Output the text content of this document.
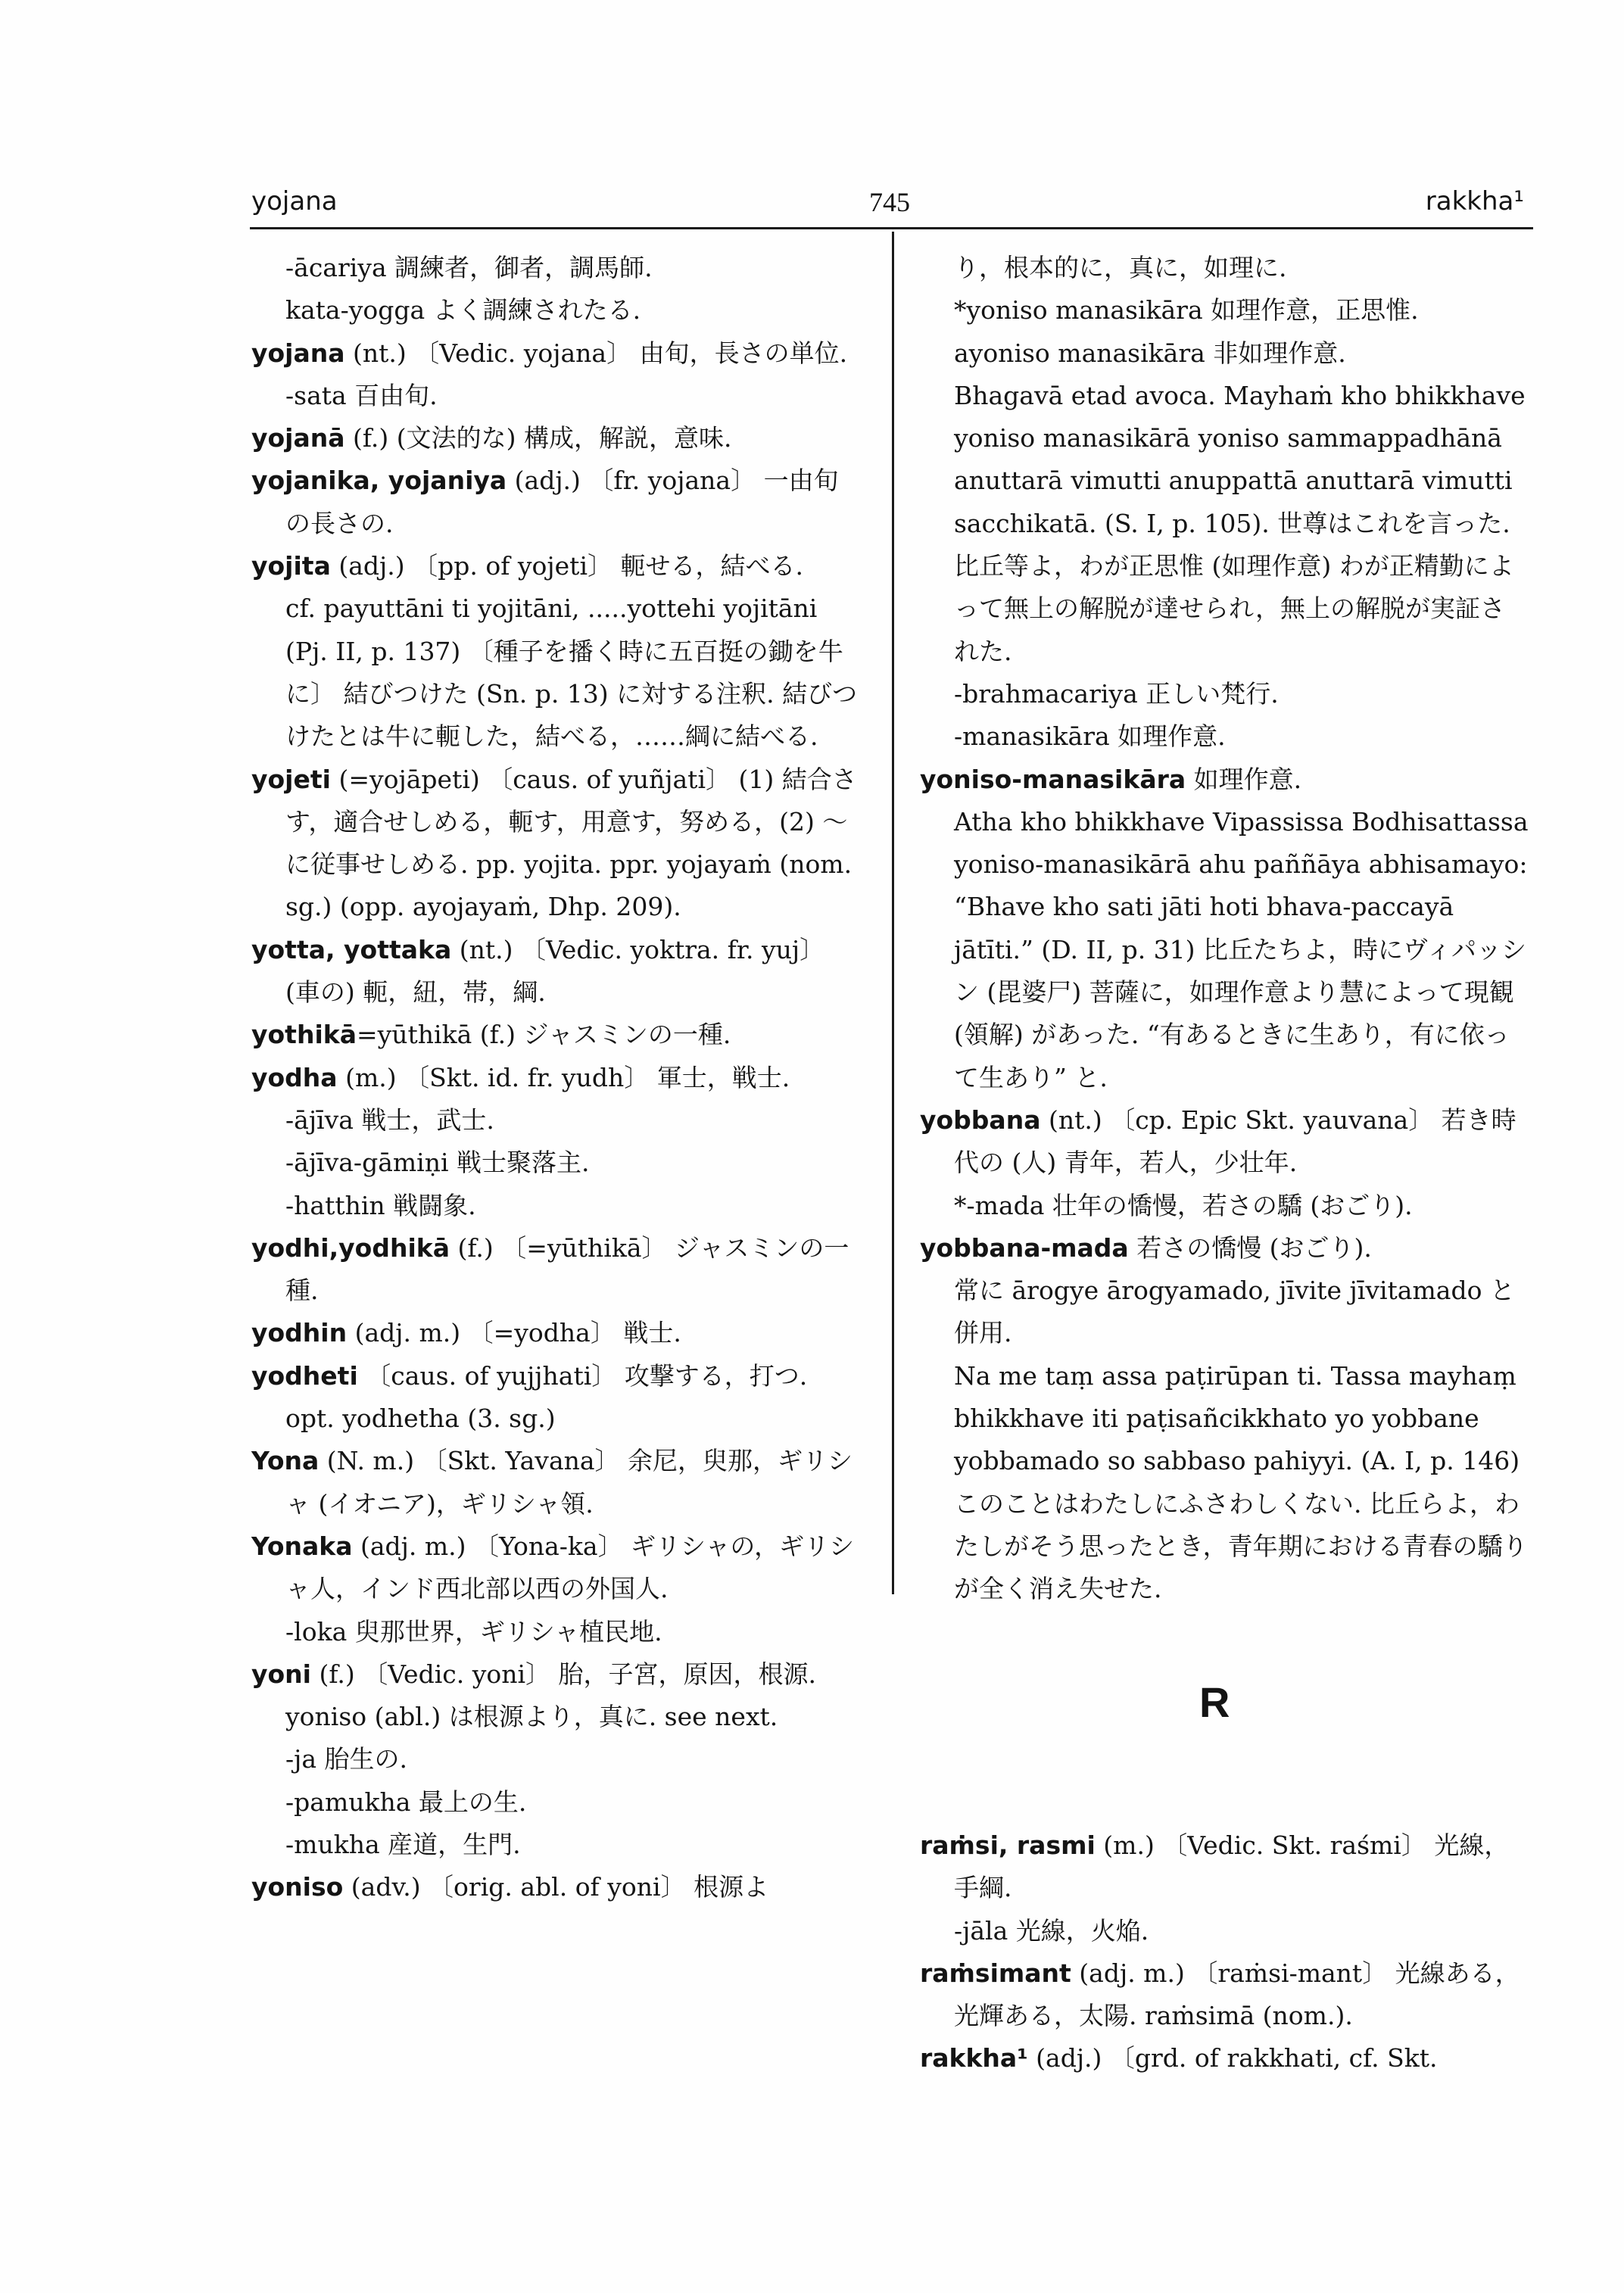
yojana	745	rakkha¹

-ācariya 調練者，御者，調馬師.

kata-yogga よく調練されたる.

yojana (nt.) 〔Vedic. yojana〕 由旬，長さの単位.

-sata 百由旬.

yojanā (f.) (文法的な) 構成，解説，意味.

yojanika, yojaniya (adj.) 〔fr. yojana〕 一由旬の長さの.

yojita (adj.) 〔pp. of yojeti〕 軛せる，結べる.

cf. payuttāni ti yojitāni, .....yottehi yojitāni (Pj. II, p. 137) 〔種子を播く時に五百挺の鋤を牛に〕 結びつけた (Sn. p. 13) に対する注釈. 結びつけたとは牛に軛した，結べる，……綱に結べる.

yojeti (=yojāpeti) 〔caus. of yuñjati〕 (1) 結合さす，適合せしめる，軛す，用意す，努める，(2) ～に従事せしめる. pp. yojita. ppr. yojayaṁ (nom. sg.) (opp. ayojayaṁ, Dhp. 209).

yotta, yottaka (nt.) 〔Vedic. yoktra. fr. yuj〕 (車の) 軛，紐，帯，綱.

yothikā=yūthikā (f.) ジャスミンの一種.

yodha (m.) 〔Skt. id. fr. yudh〕 軍士，戦士.

-ājīva 戦士，武士.

-ājīva-gāmiṇi 戦士聚落主.

-hatthin 戦闘象.

yodhi,yodhikā (f.) 〔=yūthikā〕 ジャスミンの一種.

yodhin (adj. m.) 〔=yodha〕 戦士.

yodheti 〔caus. of yujjhati〕 攻撃する，打つ. opt. yodhetha (3. sg.)

Yona (N. m.) 〔Skt. Yavana〕 余尼，臾那，ギリシャ (イオニア)，ギリシャ領.

Yonaka (adj. m.) 〔Yona-ka〕 ギリシャの，ギリシャ人，インド西北部以西の外国人.

-loka 臾那世界，ギリシャ植民地.

yoni (f.) 〔Vedic. yoni〕 胎，子宮，原因，根源. yoniso (abl.) は根源より，真に. see next.

-ja 胎生の.

-pamukha 最上の生.

-mukha 産道，生門.

yoniso (adv.) 〔orig. abl. of yoni〕 根源よ

り，根本的に，真に，如理に.

*yoniso manasikāra 如理作意，正思惟.

ayoniso manasikāra 非如理作意.

Bhagavā etad avoca. Mayhaṁ kho bhikkhave yoniso manasikārā yoniso sammappadhānā anuttarā vimutti anuppattā anuttarā vimutti sacchikatā. (S. I, p. 105). 世尊はこれを言った. 比丘等よ，わが正思惟 (如理作意) わが正精勤によって無上の解脱が達せられ，無上の解脱が実証された.

-brahmacariya 正しい梵行.

-manasikāra 如理作意.

yoniso-manasikāra 如理作意.

Atha kho bhikkhave Vipassissa Bodhisattassa yoniso-manasikārā ahu paññāya abhisamayo: “Bhave kho sati jāti hoti bhava-paccayā jātīti.” (D. II, p. 31) 比丘たちよ，時にヴィパッシン (毘婆尸) 菩薩に，如理作意より慧によって現観 (領解) があった. “有あるときに生あり，有に依って生あり” と.

yobbana (nt.) 〔cp. Epic Skt. yauvana〕 若き時代の (人) 青年，若人，少壮年.

*-mada 壮年の憍慢，若さの驕 (おごり).

yobbana-mada 若さの憍慢 (おごり).

常に ārogye ārogyamado, jīvite jīvitamado と併用.

Na me taṃ assa paṭirūpan ti. Tassa mayhaṃ bhikkhave iti paṭisañcikkhato yo yobbane yobbamado so sabbaso pahiyyi. (A. I, p. 146) このことはわたしにふさわしくない. 比丘らよ，わたしがそう思ったとき，青年期における青春の驕りが全く消え失せた.

R

raṁsi, rasmi (m.) 〔Vedic. Skt. raśmi〕 光線，手綱.

-jāla 光線，火焔.

raṁsimant (adj. m.) 〔raṁsi-mant〕 光線ある，光輝ある，太陽. raṁsimā (nom.).

rakkha¹ (adj.) 〔grd. of rakkhati, cf. Skt.
